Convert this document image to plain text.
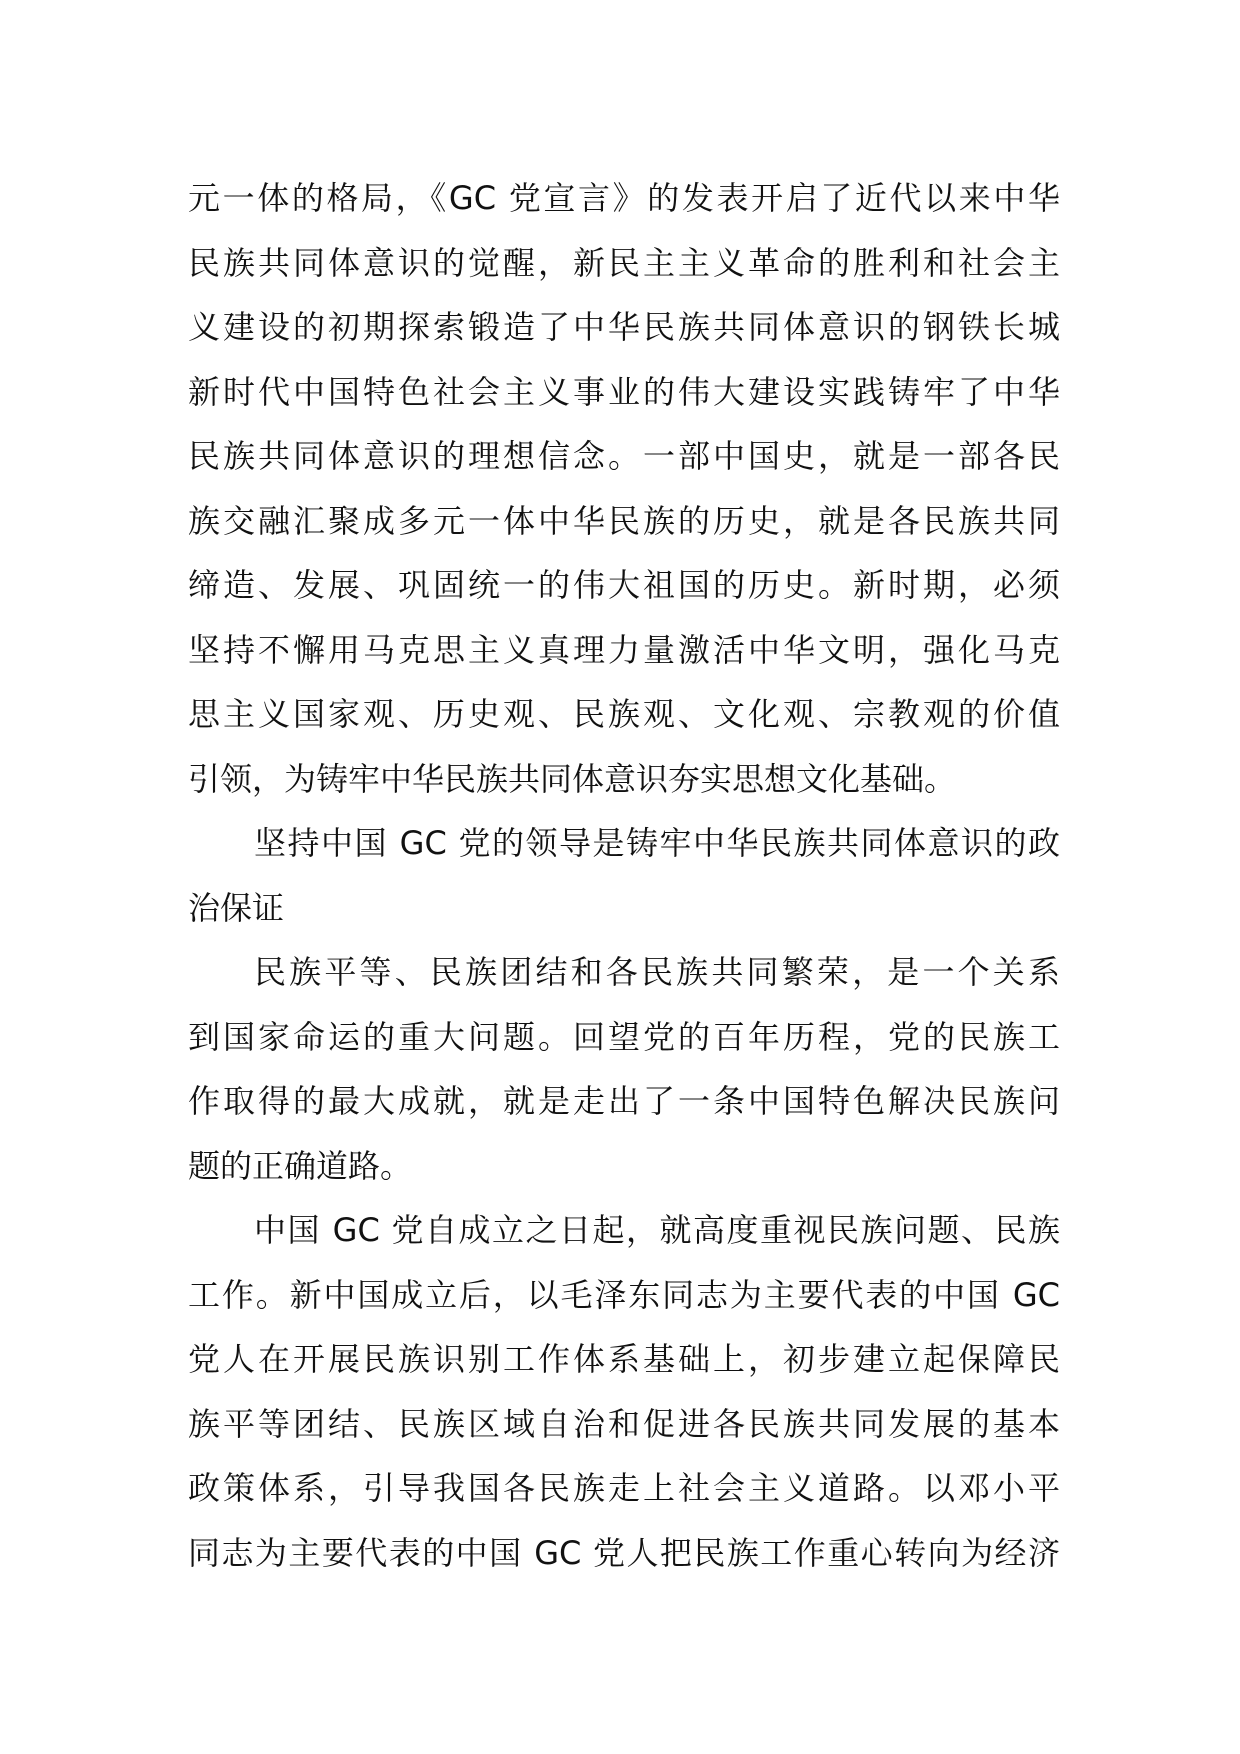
元一体的格局，《GC 党宣言》的发表开启了近代以来中华
民族共同体意识的觉醒，新民主主义革命的胜利和社会主
义建设的初期探索锻造了中华民族共同体意识的钢铁长城
新时代中国特色社会主义事业的伟大建设实践铸牢了中华
民族共同体意识的理想信念。一部中国史，就是一部各民
族交融汇聚成多元一体中华民族的历史，就是各民族共同
缔造、发展、巩固统一的伟大祖国的历史。新时期，必须
坚持不懈用马克思主义真理力量激活中华文明，强化马克
思主义国家观、历史观、民族观、文化观、宗教观的价值
引领，为铸牢中华民族共同体意识夯实思想文化基础。
坚持中国 GC 党的领导是铸牢中华民族共同体意识的政
治保证
民族平等、民族团结和各民族共同繁荣，是一个关系
到国家命运的重大问题。回望党的百年历程，党的民族工
作取得的最大成就，就是走出了一条中国特色解决民族问
题的正确道路。
中国 GC 党自成立之日起，就高度重视民族问题、民族
工作。新中国成立后，以毛泽东同志为主要代表的中国 GC
党人在开展民族识别工作体系基础上，初步建立起保障民
族平等团结、民族区域自治和促进各民族共同发展的基本
政策体系，引导我国各民族走上社会主义道路。以邓小平
同志为主要代表的中国 GC 党人把民族工作重心转向为经济
